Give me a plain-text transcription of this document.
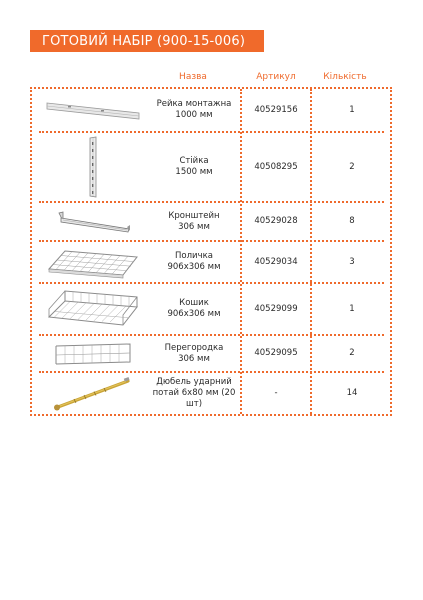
ГОТОВИЙ НАБІР (900-15-006)
Назва	Артикул	Кількість
Рейка монтажна
1000 мм
40529156	1
Стійка
1500 мм
40508295	2
Кронштейн
306 мм
40529028	8
Поличка
906х306 мм
40529034	3
Кошик
906х306 мм
40529099	1
Перегородка
306 мм
40529095	2
Дюбель ударний
потай 6х80 мм (20 шт)
-	14
